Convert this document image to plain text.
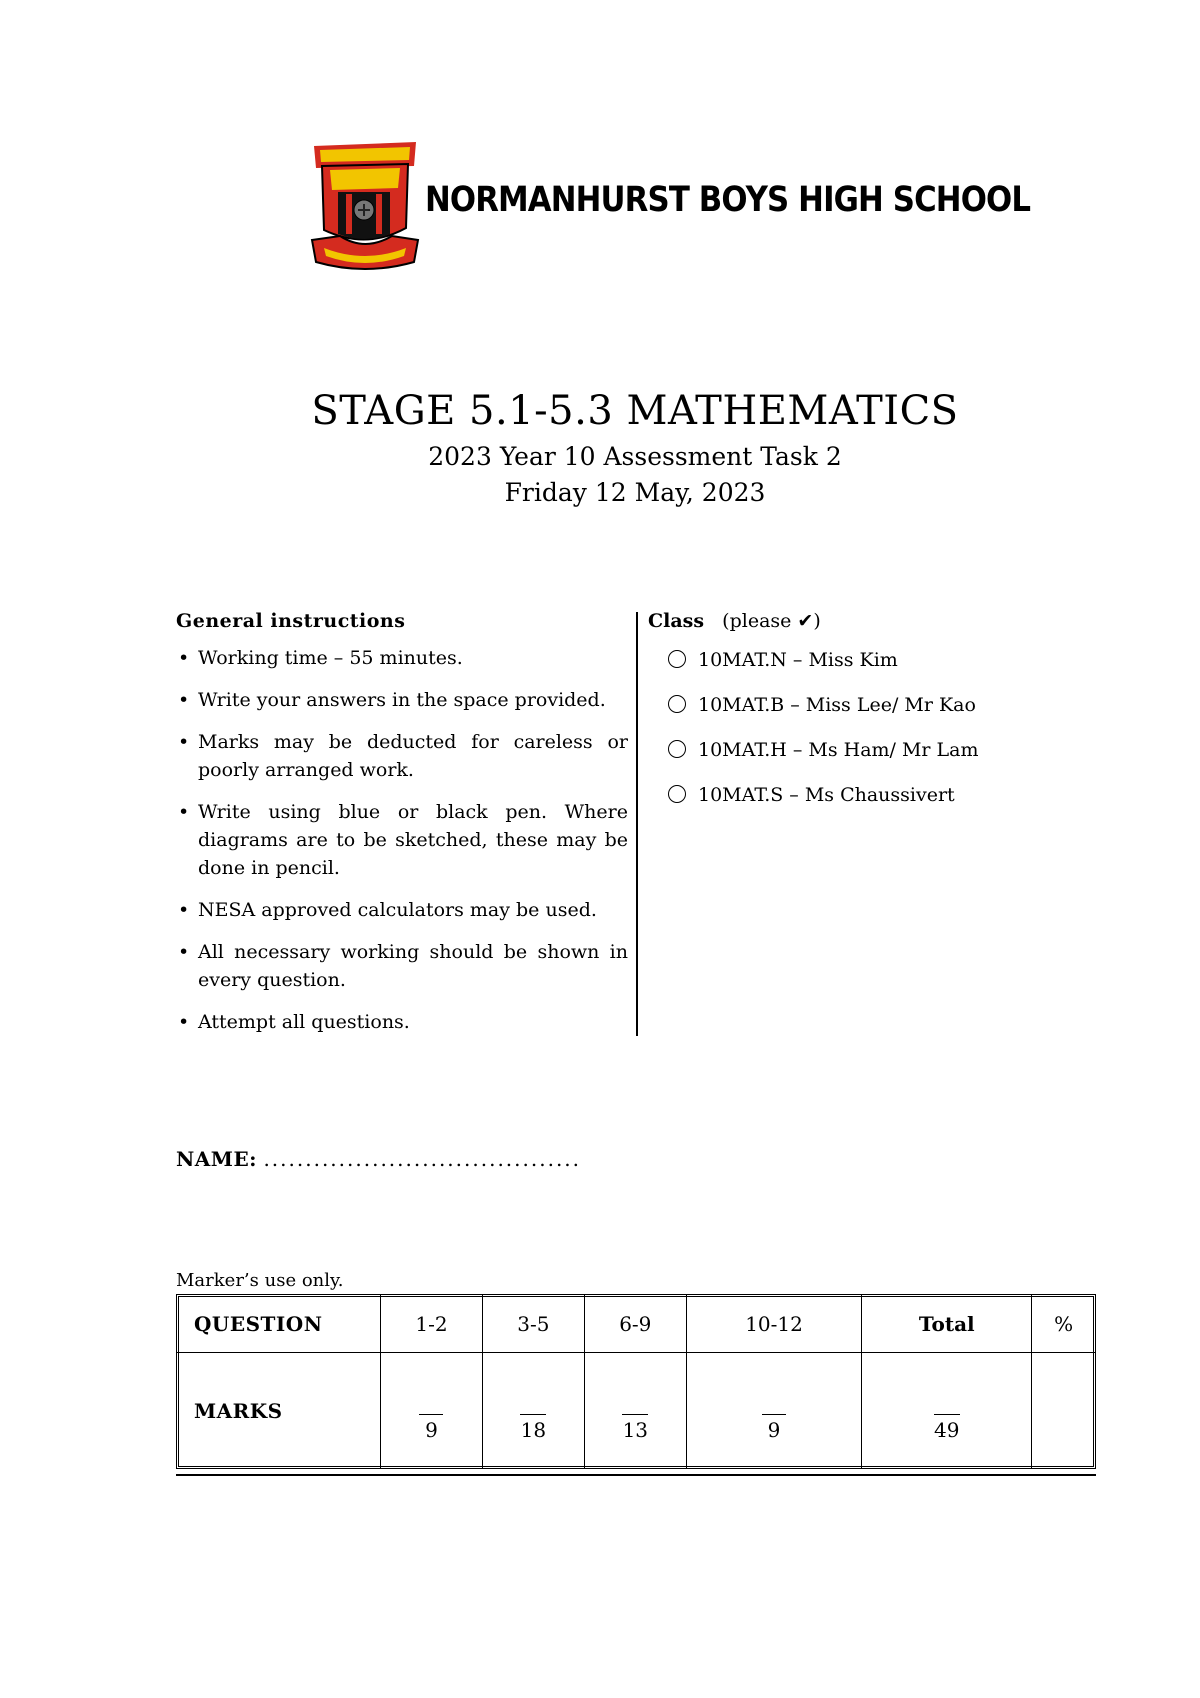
NORMANHURST BOYS HIGH SCHOOL
STAGE 5.1-5.3 MATHEMATICS
2023 Year 10 Assessment Task 2
Friday 12 May, 2023
General instructions
• Working time – 55 minutes.
• Write your answers in the space provided.
• Marks may be deducted for careless or poorly arranged work.
• Write using blue or black pen. Where diagrams are to be sketched, these may be done in pencil.
• NESA approved calculators may be used.
• All necessary working should be shown in every question.
• Attempt all questions.
Class (please ✔)
10MAT.N – Miss Kim
10MAT.B – Miss Lee/ Mr Kao
10MAT.H – Ms Ham/ Mr Lam
10MAT.S – Ms Chaussivert
NAME: ......................................
Marker’s use only.
QUESTION	1-2	3-5	6-9	10-12	Total	%
MARKS	9	18	13	9	49	
